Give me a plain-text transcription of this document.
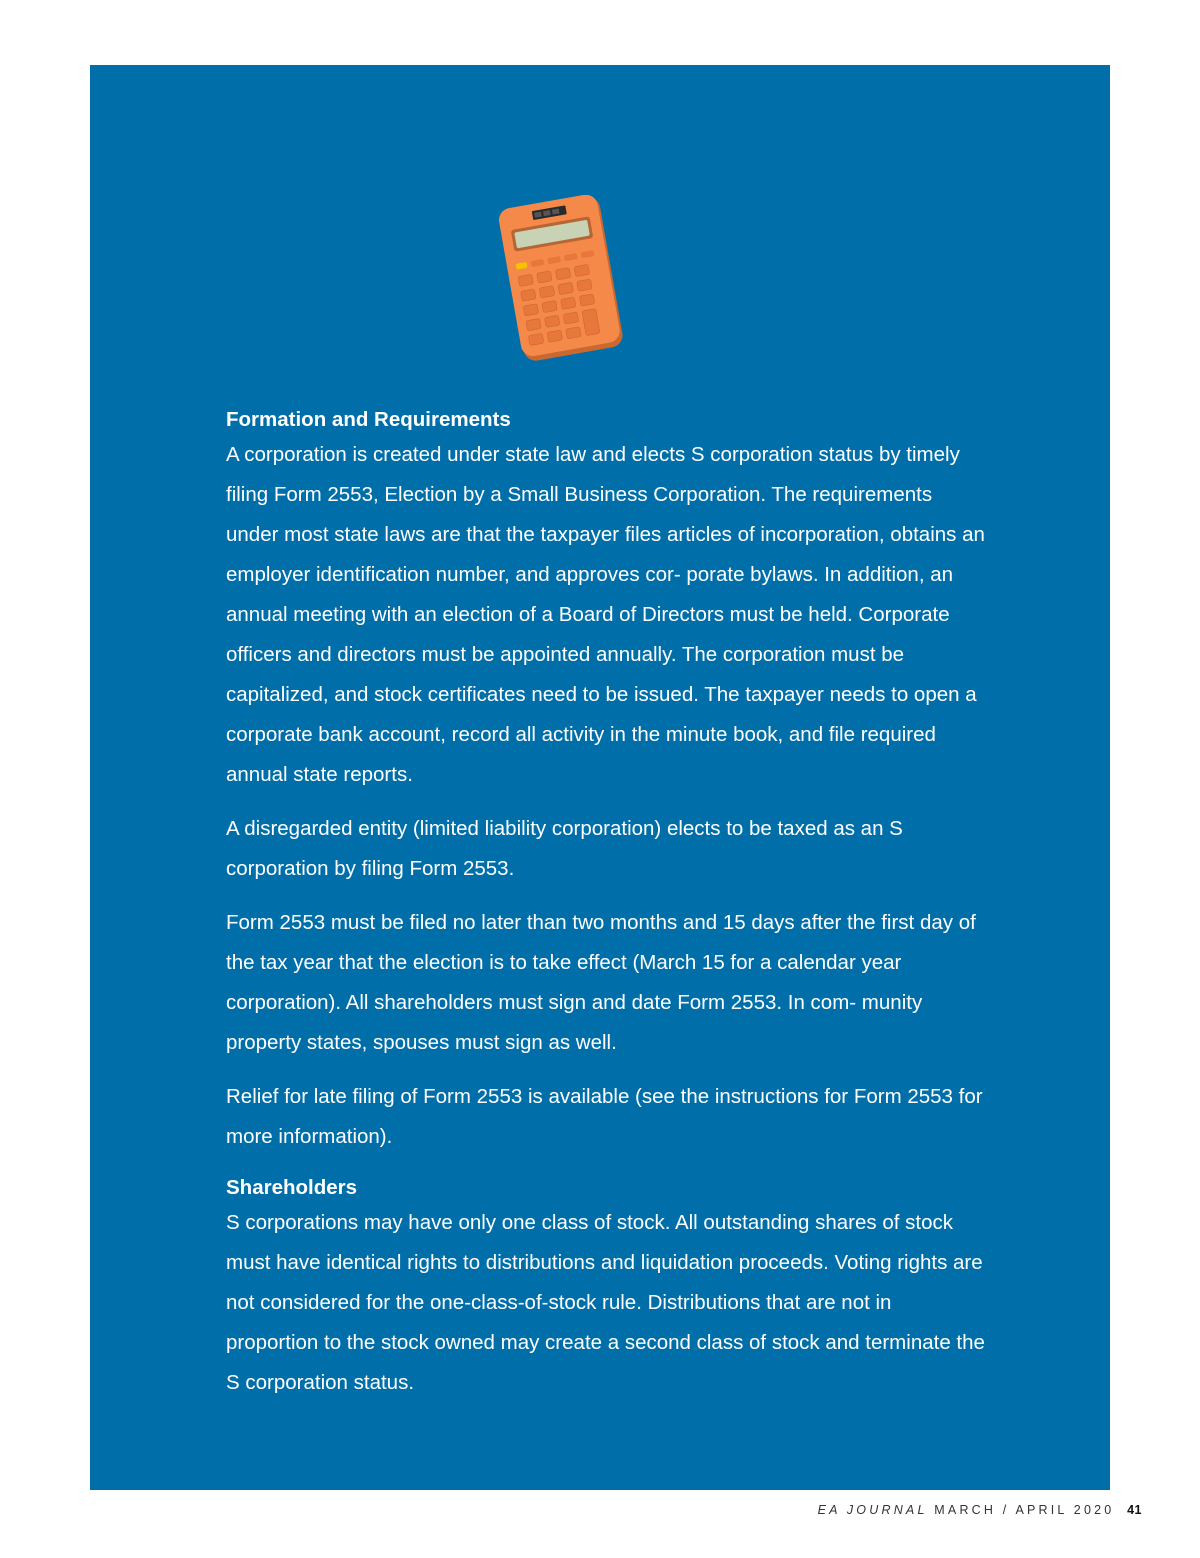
Formation and Requirements

A corporation is created under state law and elects S corporation status by timely filing Form 2553, Election by a Small Business Corporation. The requirements under most state laws are that the taxpayer files articles of incorporation, obtains an employer identification number, and approves cor- porate bylaws. In addition, an annual meeting with an election of a Board of Directors must be held. Corporate officers and directors must be appointed annually. The corporation must be capitalized, and stock certificates need to be issued. The taxpayer needs to open a corporate bank account, record all activity in the minute book, and file required annual state reports.

A disregarded entity (limited liability corporation) elects to be taxed as an S corporation by filing Form 2553.

Form 2553 must be filed no later than two months and 15 days after the first day of the tax year that the election is to take effect (March 15 for a calendar year corporation). All shareholders must sign and date Form 2553. In com- munity property states, spouses must sign as well.

Relief for late filing of Form 2553 is available (see the instructions for Form 2553 for more information).

Shareholders

S corporations may have only one class of stock. All outstanding shares of stock must have identical rights to distributions and liquidation proceeds. Voting rights are not considered for the one-class-of-stock rule. Distributions that are not in proportion to the stock owned may create a second class of stock and terminate the S corporation status.

EA JOURNAL MARCH / APRIL 2020 41
